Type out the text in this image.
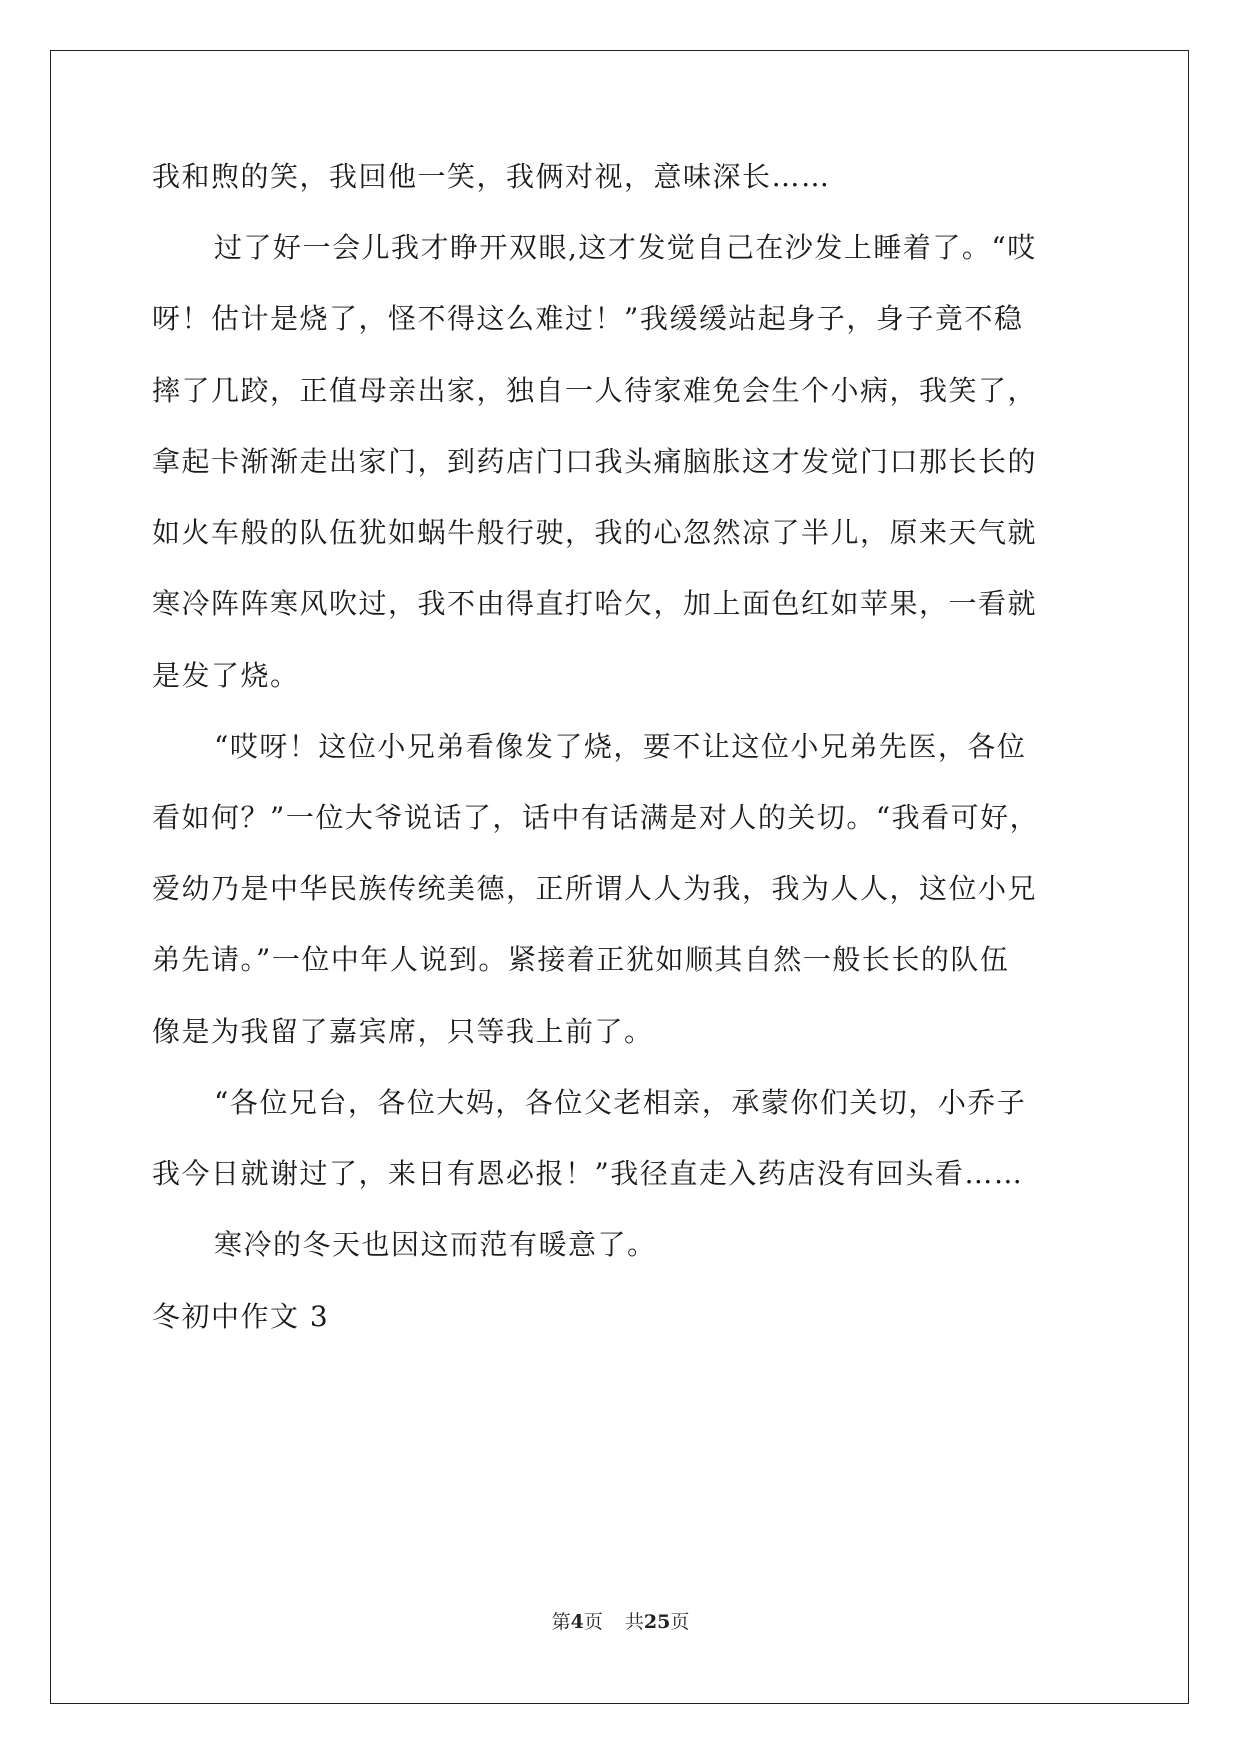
我和煦的笑，我回他一笑，我俩对视，意味深长……
过了好一会儿我才睁开双眼,这才发觉自己在沙发上睡着了。“哎
呀！估计是烧了，怪不得这么难过！”我缓缓站起身子，身子竟不稳
摔了几跤，正值母亲出家，独自一人待家难免会生个小病，我笑了，
拿起卡渐渐走出家门，到药店门口我头痛脑胀这才发觉门口那长长的
如火车般的队伍犹如蜗牛般行驶，我的心忽然凉了半儿，原来天气就
寒冷阵阵寒风吹过，我不由得直打哈欠，加上面色红如苹果，一看就
是发了烧。
“哎呀！这位小兄弟看像发了烧，要不让这位小兄弟先医，各位
看如何？”一位大爷说话了，话中有话满是对人的关切。“我看可好，
爱幼乃是中华民族传统美德，正所谓人人为我，我为人人，这位小兄
弟先请。”一位中年人说到。紧接着正犹如顺其自然一般长长的队伍
像是为我留了嘉宾席，只等我上前了。
“各位兄台，各位大妈，各位父老相亲，承蒙你们关切，小乔子
我今日就谢过了，来日有恩必报！”我径直走入药店没有回头看……
寒冷的冬天也因这而范有暖意了。
冬初中作文 3
第4页 共25页
